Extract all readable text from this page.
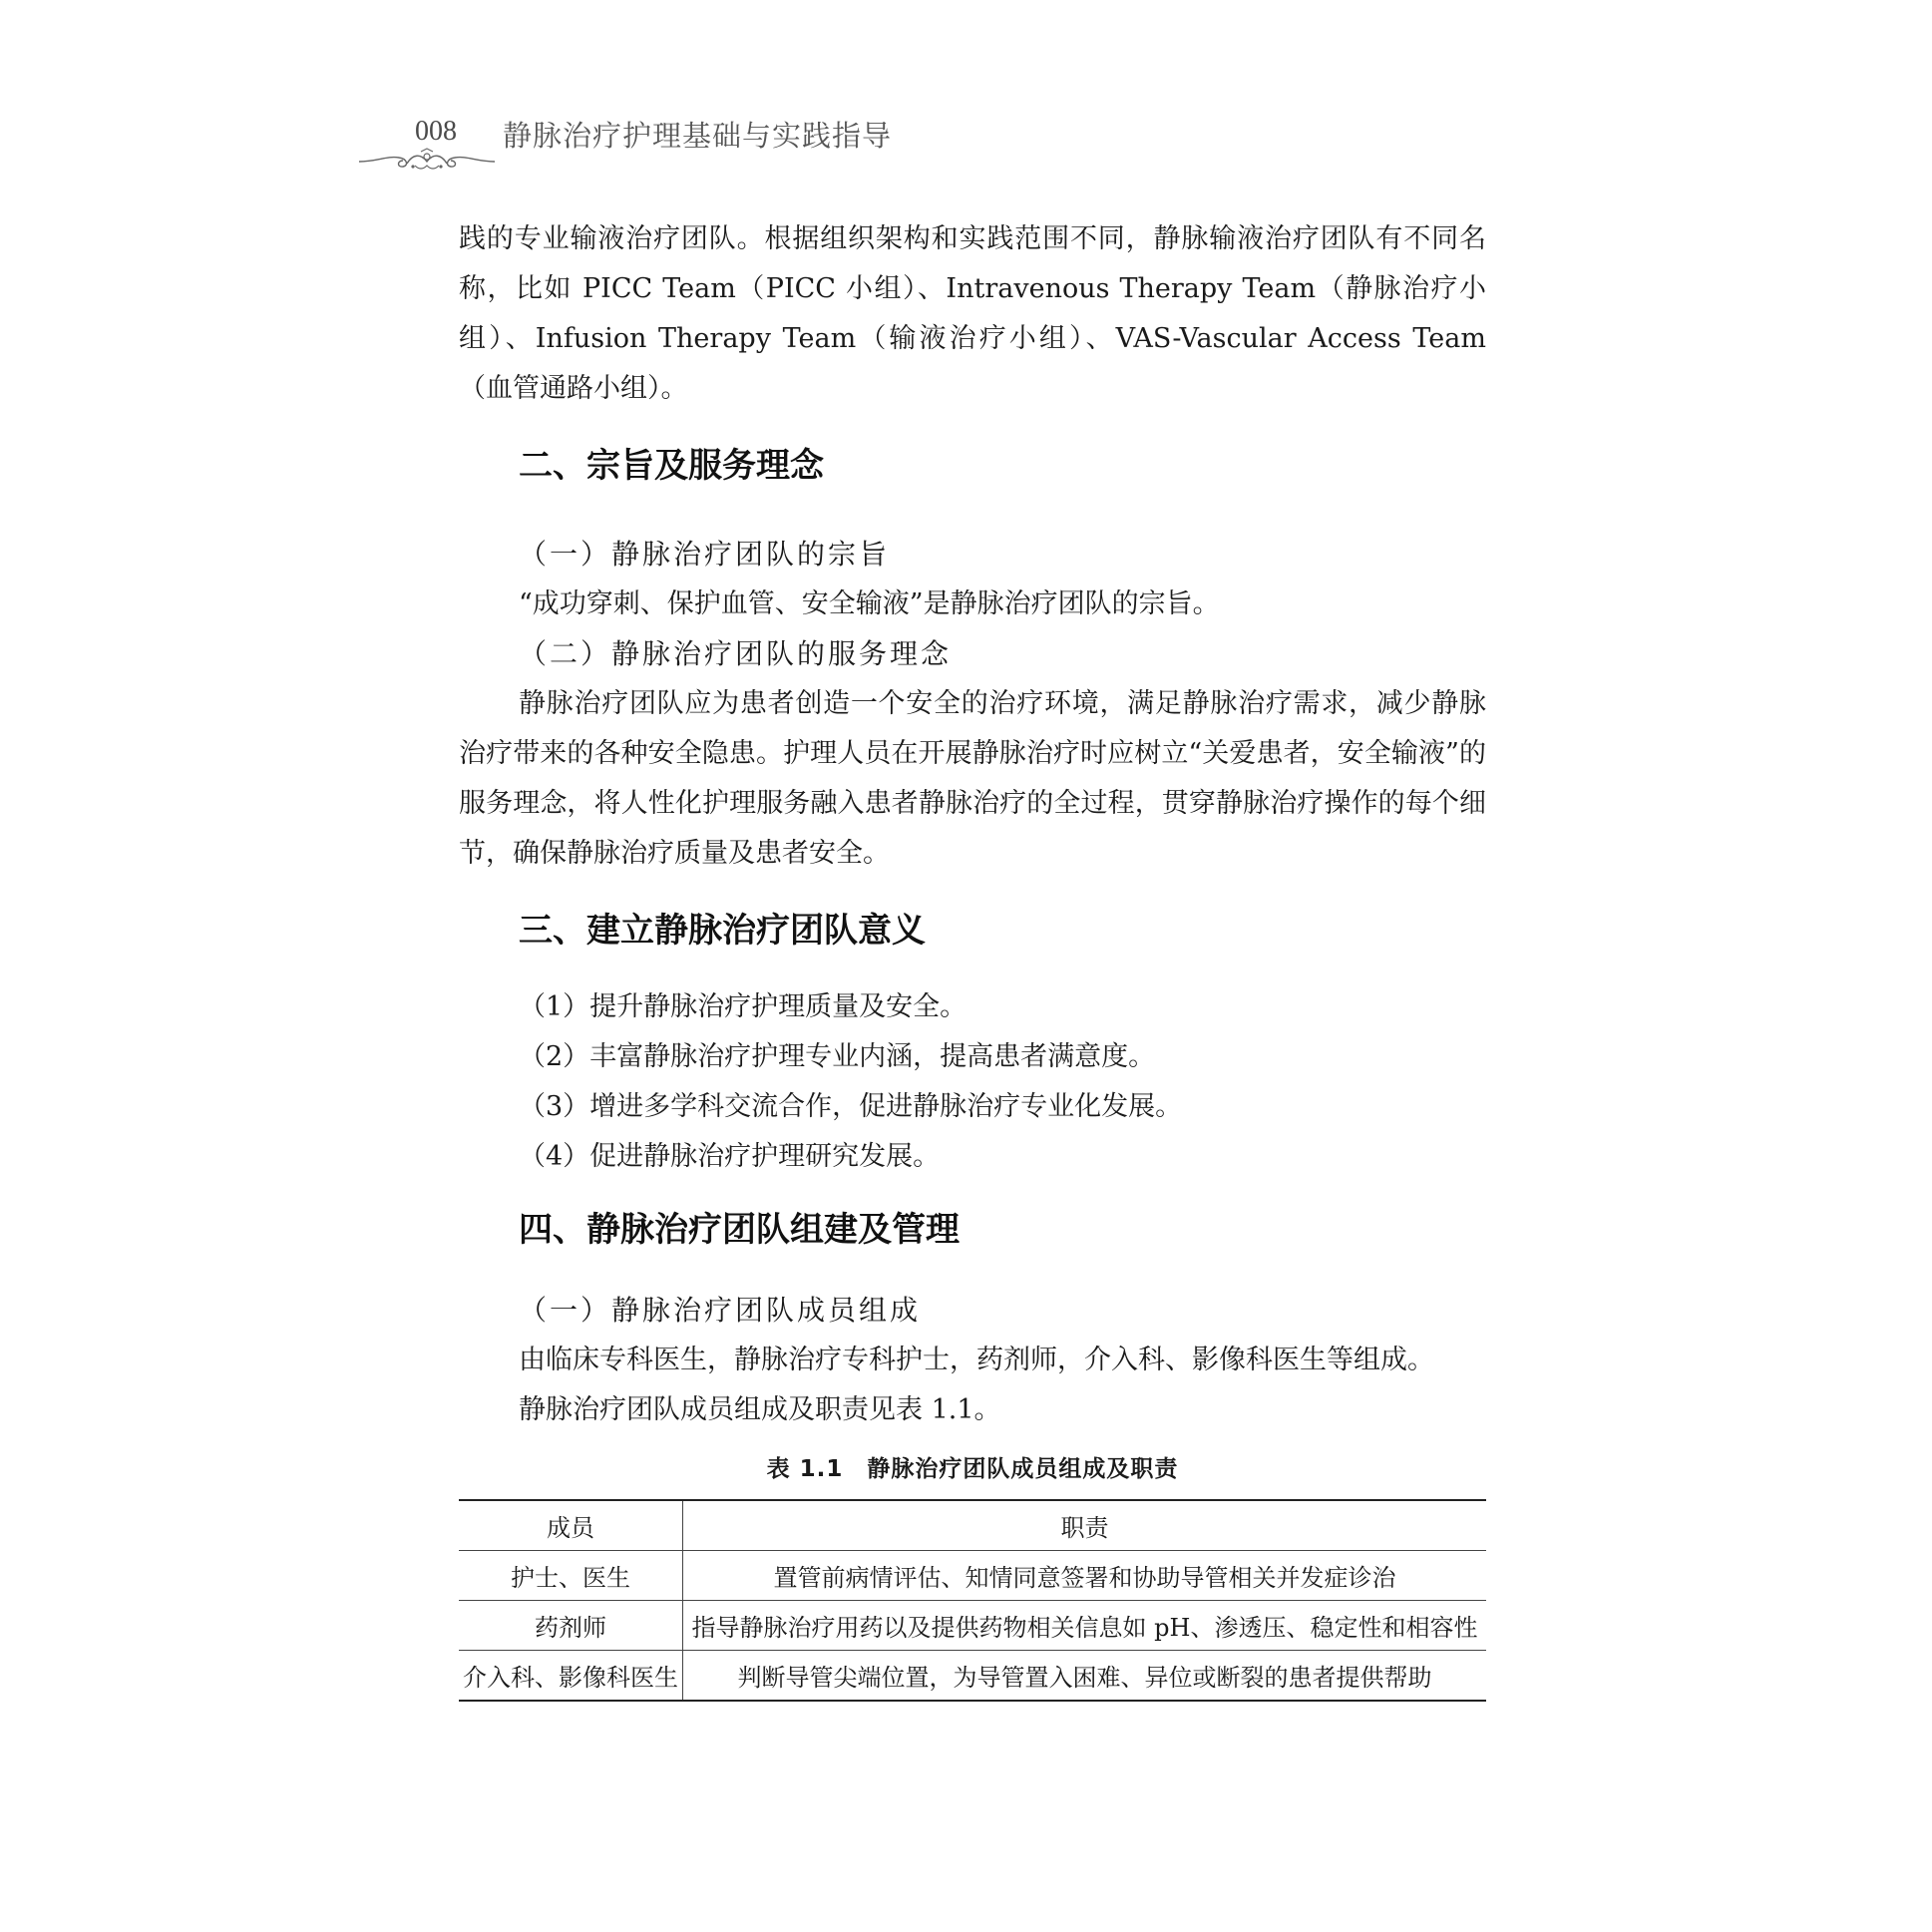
008 静脉治疗护理基础与实践指导

践的专业输液治疗团队。根据组织架构和实践范围不同，静脉输液治疗团队有不同名称，比如 PICC Team（PICC 小组）、Intravenous Therapy Team（静脉治疗小组）、Infusion Therapy Team（输液治疗小组）、VAS-Vascular Access Team（血管通路小组）。

二、宗旨及服务理念

（一）静脉治疗团队的宗旨

“成功穿刺、保护血管、安全输液”是静脉治疗团队的宗旨。

（二）静脉治疗团队的服务理念

静脉治疗团队应为患者创造一个安全的治疗环境，满足静脉治疗需求，减少静脉治疗带来的各种安全隐患。护理人员在开展静脉治疗时应树立“关爱患者，安全输液”的服务理念，将人性化护理服务融入患者静脉治疗的全过程，贯穿静脉治疗操作的每个细节，确保静脉治疗质量及患者安全。

三、建立静脉治疗团队意义

（1）提升静脉治疗护理质量及安全。

（2）丰富静脉治疗护理专业内涵，提高患者满意度。

（3）增进多学科交流合作，促进静脉治疗专业化发展。

（4）促进静脉治疗护理研究发展。

四、静脉治疗团队组建及管理

（一）静脉治疗团队成员组成

由临床专科医生，静脉治疗专科护士，药剂师，介入科、影像科医生等组成。

静脉治疗团队成员组成及职责见表 1.1。

表 1.1　静脉治疗团队成员组成及职责

成员	职责
护士、医生	置管前病情评估、知情同意签署和协助导管相关并发症诊治
药剂师	指导静脉治疗用药以及提供药物相关信息如 pH、渗透压、稳定性和相容性
介入科、影像科医生	判断导管尖端位置，为导管置入困难、异位或断裂的患者提供帮助
